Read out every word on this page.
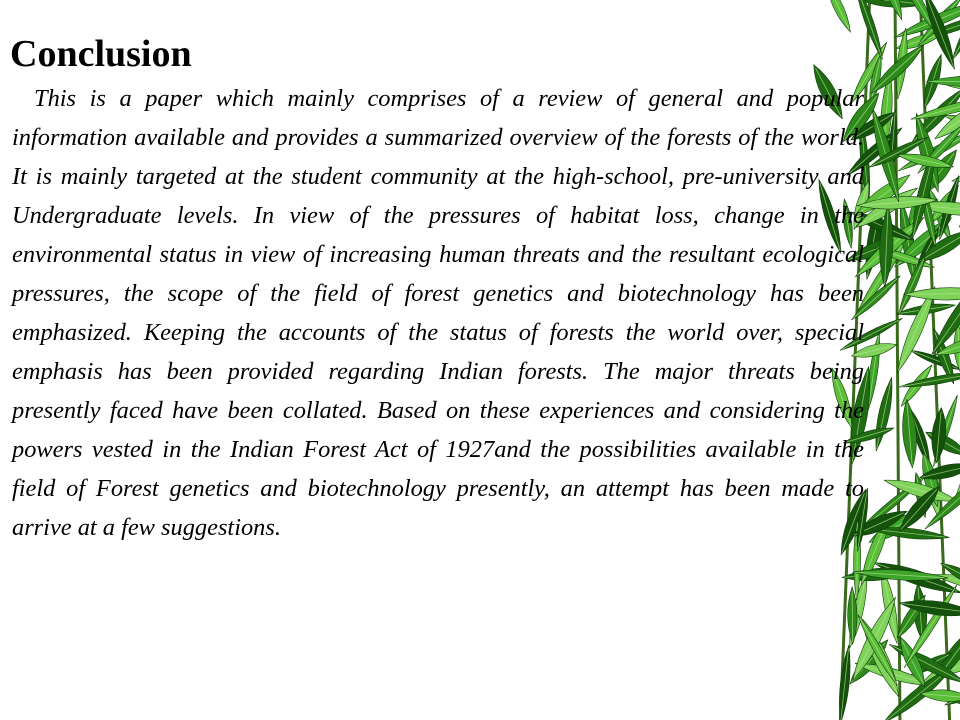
Conclusion

This is a paper which mainly comprises of a review of general and popular information available and provides a summarized overview of the forests of the world. It is mainly targeted at the student community at the high-school, pre-university and Undergraduate levels. In view of the pressures of habitat loss, change in the environmental status in view of increasing human threats and the resultant ecological pressures, the scope of the field of forest genetics and biotechnology has been emphasized. Keeping the accounts of the status of forests the world over, special emphasis has been provided regarding Indian forests. The major threats being presently faced have been collated. Based on these experiences and considering the powers vested in the Indian Forest Act of 1927and the possibilities available in the field of Forest genetics and biotechnology presently, an attempt has been made to arrive at a few suggestions.
